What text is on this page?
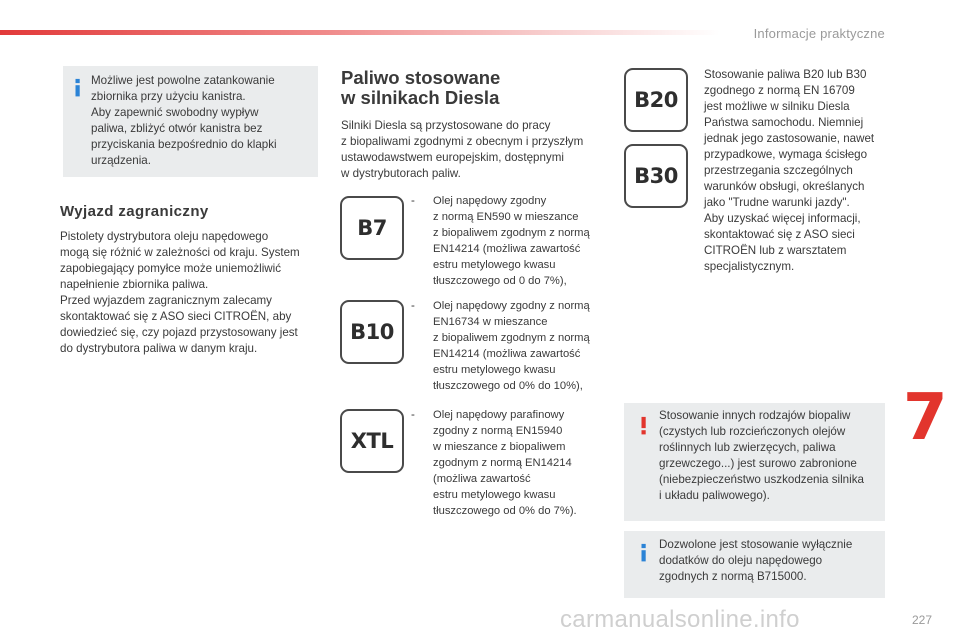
Informacje praktyczne
Możliwe jest powolne zatankowanie
zbiornika przy użyciu kanistra.
Aby zapewnić swobodny wypływ
paliwa, zbliżyć otwór kanistra bez
przyciskania bezpośrednio do klapki
urządzenia.
Wyjazd zagraniczny
Pistolety dystrybutora oleju napędowego
mogą się różnić w zależności od kraju. System
zapobiegający pomyłce może uniemożliwić
napełnienie zbiornika paliwa.
Przed wyjazdem zagranicznym zalecamy
skontaktować się z ASO sieci CITROËN, aby
dowiedzieć się, czy pojazd przystosowany jest
do dystrybutora paliwa w danym kraju.
Paliwo stosowane
w silnikach Diesla
Silniki Diesla są przystosowane do pracy
z biopaliwami zgodnymi z obecnym i przyszłym
ustawodawstwem europejskim, dostępnymi
w dystrybutorach paliw.
B7
- Olej napędowy zgodny
z normą EN590 w mieszance
z biopaliwem zgodnym z normą
EN14214 (możliwa zawartość
estru metylowego kwasu
tłuszczowego od 0 do 7%),
B10
- Olej napędowy zgodny z normą
EN16734 w mieszance
z biopaliwem zgodnym z normą
EN14214 (możliwa zawartość
estru metylowego kwasu
tłuszczowego od 0% do 10%),
XTL
- Olej napędowy parafinowy
zgodny z normą EN15940
w mieszance z biopaliwem
zgodnym z normą EN14214
(możliwa zawartość
estru metylowego kwasu
tłuszczowego od 0% do 7%).
B20
B30
Stosowanie paliwa B20 lub B30
zgodnego z normą EN 16709
jest możliwe w silniku Diesla
Państwa samochodu. Niemniej
jednak jego zastosowanie, nawet
przypadkowe, wymaga ścisłego
przestrzegania szczególnych
warunków obsługi, określanych
jako "Trudne warunki jazdy".
Aby uzyskać więcej informacji,
skontaktować się z ASO sieci
CITROËN lub z warsztatem
specjalistycznym.
Stosowanie innych rodzajów biopaliw
(czystych lub rozcieńczonych olejów
roślinnych lub zwierzęcych, paliwa
grzewczego...) jest surowo zabronione
(niebezpieczeństwo uszkodzenia silnika
i układu paliwowego).
Dozwolone jest stosowanie wyłącznie
dodatków do oleju napędowego
zgodnych z normą B715000.
7
227
carmanualsonline.info
